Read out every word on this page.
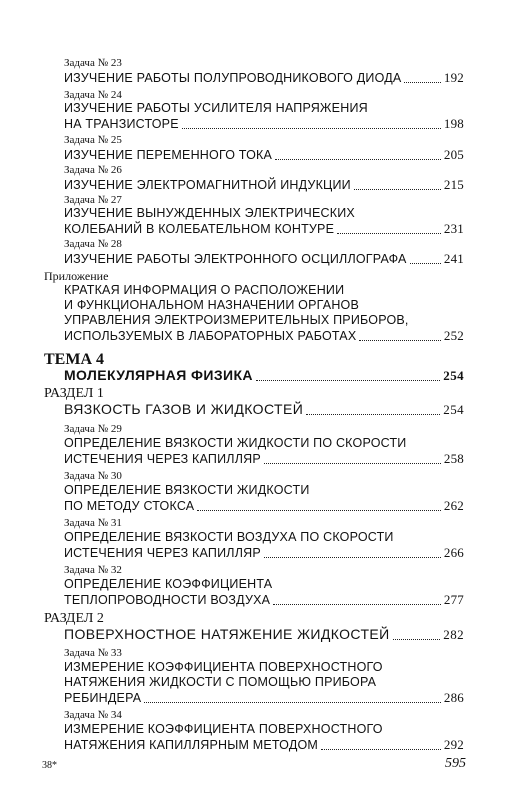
Задача № 23
ИЗУЧЕНИЕ РАБОТЫ ПОЛУПРОВОДНИКОВОГО ДИОДА	192
Задача № 24
ИЗУЧЕНИЕ РАБОТЫ УСИЛИТЕЛЯ НАПРЯЖЕНИЯ
НА ТРАНЗИСТОРЕ	198
Задача № 25
ИЗУЧЕНИЕ ПЕРЕМЕННОГО ТОКА	205
Задача № 26
ИЗУЧЕНИЕ ЭЛЕКТРОМАГНИТНОЙ ИНДУКЦИИ	215
Задача № 27
ИЗУЧЕНИЕ ВЫНУЖДЕННЫХ ЭЛЕКТРИЧЕСКИХ
КОЛЕБАНИЙ В КОЛЕБАТЕЛЬНОМ КОНТУРЕ	231
Задача № 28
ИЗУЧЕНИЕ РАБОТЫ ЭЛЕКТРОННОГО ОСЦИЛЛОГРАФА	241
Приложение
КРАТКАЯ ИНФОРМАЦИЯ О РАСПОЛОЖЕНИИ
И ФУНКЦИОНАЛЬНОМ НАЗНАЧЕНИИ ОРГАНОВ
УПРАВЛЕНИЯ ЭЛЕКТРОИЗМЕРИТЕЛЬНЫХ ПРИБОРОВ,
ИСПОЛЬЗУЕМЫХ В ЛАБОРАТОРНЫХ РАБОТАХ	252
ТЕМА 4
МОЛЕКУЛЯРНАЯ ФИЗИКА	254
РАЗДЕЛ 1
ВЯЗКОСТЬ ГАЗОВ И ЖИДКОСТЕЙ	254
Задача № 29
ОПРЕДЕЛЕНИЕ ВЯЗКОСТИ ЖИДКОСТИ ПО СКОРОСТИ
ИСТЕЧЕНИЯ ЧЕРЕЗ КАПИЛЛЯР	258
Задача № 30
ОПРЕДЕЛЕНИЕ ВЯЗКОСТИ ЖИДКОСТИ
ПО МЕТОДУ СТОКСА	262
Задача № 31
ОПРЕДЕЛЕНИЕ ВЯЗКОСТИ ВОЗДУХА ПО СКОРОСТИ
ИСТЕЧЕНИЯ ЧЕРЕЗ КАПИЛЛЯР	266
Задача № 32
ОПРЕДЕЛЕНИЕ КОЭФФИЦИЕНТА
ТЕПЛОПРОВОДНОСТИ ВОЗДУХА	277
РАЗДЕЛ 2
ПОВЕРХНОСТНОЕ НАТЯЖЕНИЕ ЖИДКОСТЕЙ	282
Задача № 33
ИЗМЕРЕНИЕ КОЭФФИЦИЕНТА ПОВЕРХНОСТНОГО
НАТЯЖЕНИЯ ЖИДКОСТИ С ПОМОЩЬЮ ПРИБОРА
РЕБИНДЕРА	286
Задача № 34
ИЗМЕРЕНИЕ КОЭФФИЦИЕНТА ПОВЕРХНОСТНОГО
НАТЯЖЕНИЯ КАПИЛЛЯРНЫМ МЕТОДОМ	292
38*	595
